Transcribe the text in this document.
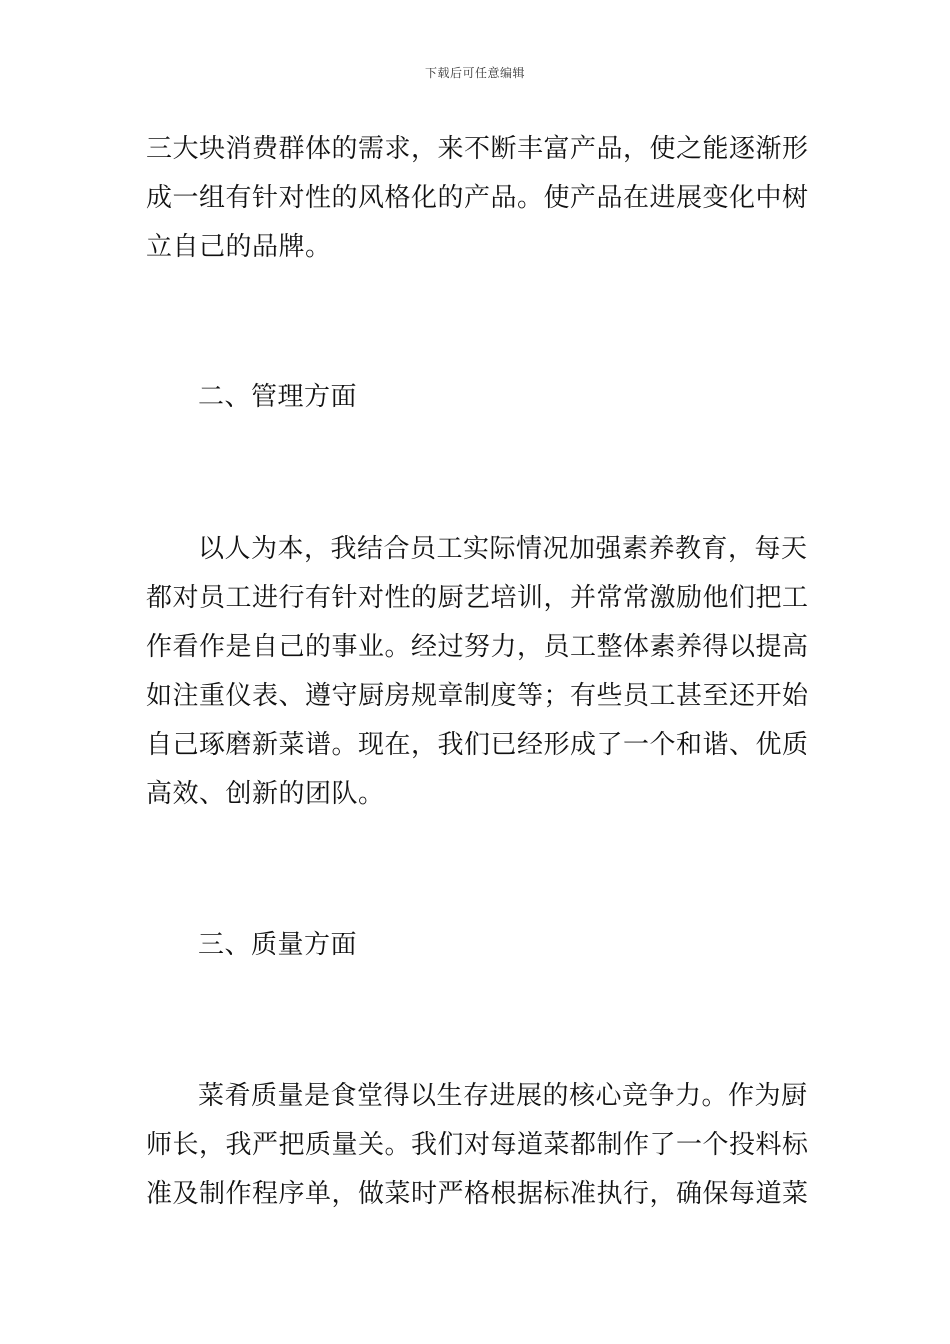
下载后可任意编辑
三大块消费群体的需求，来不断丰富产品，使之能逐渐形
成一组有针对性的风格化的产品。使产品在进展变化中树
立自己的品牌。
二、管理方面
以人为本，我结合员工实际情况加强素养教育，每天
都对员工进行有针对性的厨艺培训，并常常激励他们把工
作看作是自己的事业。经过努力，员工整体素养得以提高
如注重仪表、遵守厨房规章制度等；有些员工甚至还开始
自己琢磨新菜谱。现在，我们已经形成了一个和谐、优质
高效、创新的团队。
三、质量方面
菜肴质量是食堂得以生存进展的核心竞争力。作为厨
师长，我严把质量关。我们对每道菜都制作了一个投料标
准及制作程序单，做菜时严格根据标准执行，确保每道菜
